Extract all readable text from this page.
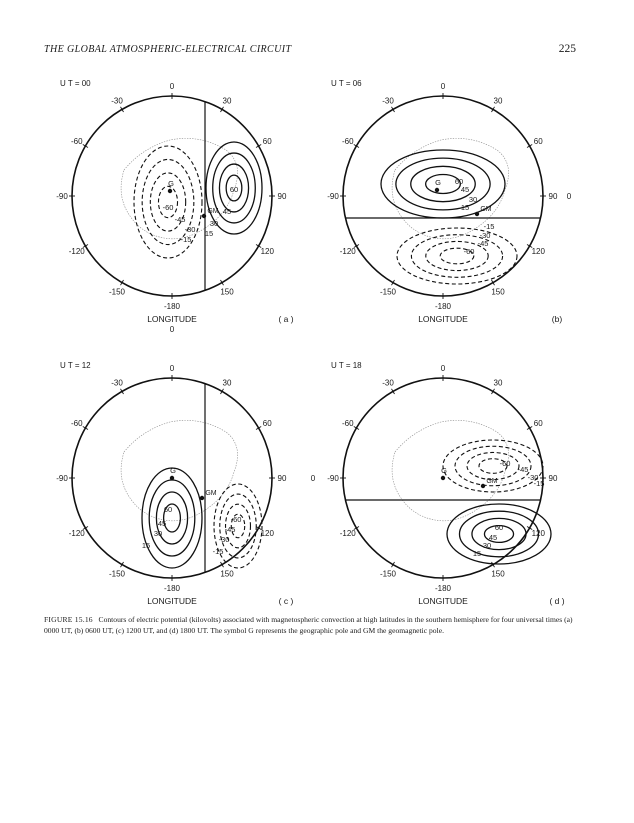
THE GLOBAL ATMOSPHERIC-ELECTRICAL CIRCUIT	225
60
45
30
15
-60
-45
-30
-15
G
GM
0
30
60
90
120
150
-180
-150
-120
-90
-60
-30
0
U T = 00
LONGITUDE	( a )
60
45
30
15
-60
-45
-30
-15
G
GM
0
30
60
90
120
150
-180
-150
-120
-90
-60
-30
0
U T = 06
LONGITUDE	(b)
60
45
30
15
-60
-45
-30
-15
G
GM
0
30
60
90
120
150
-180
-150
-120
-90
-60
-30
U T = 12
LONGITUDE	( c )
60
45
30
15
-60
-45
-30
-15
G
GM
0
30
60
90
120
150
-180
-150
-120
-90
-60
-30
0
U T = 18
LONGITUDE	( d )

FIGURE 15.16 Contours of electric potential (kilovolts) associated with magnetospheric convection at high latitudes in the southern hemisphere for four universal times (a) 0000 UT, (b) 0600 UT, (c) 1200 UT, and (d) 1800 UT. The symbol G represents the geographic pole and GM the geomagnetic pole.
